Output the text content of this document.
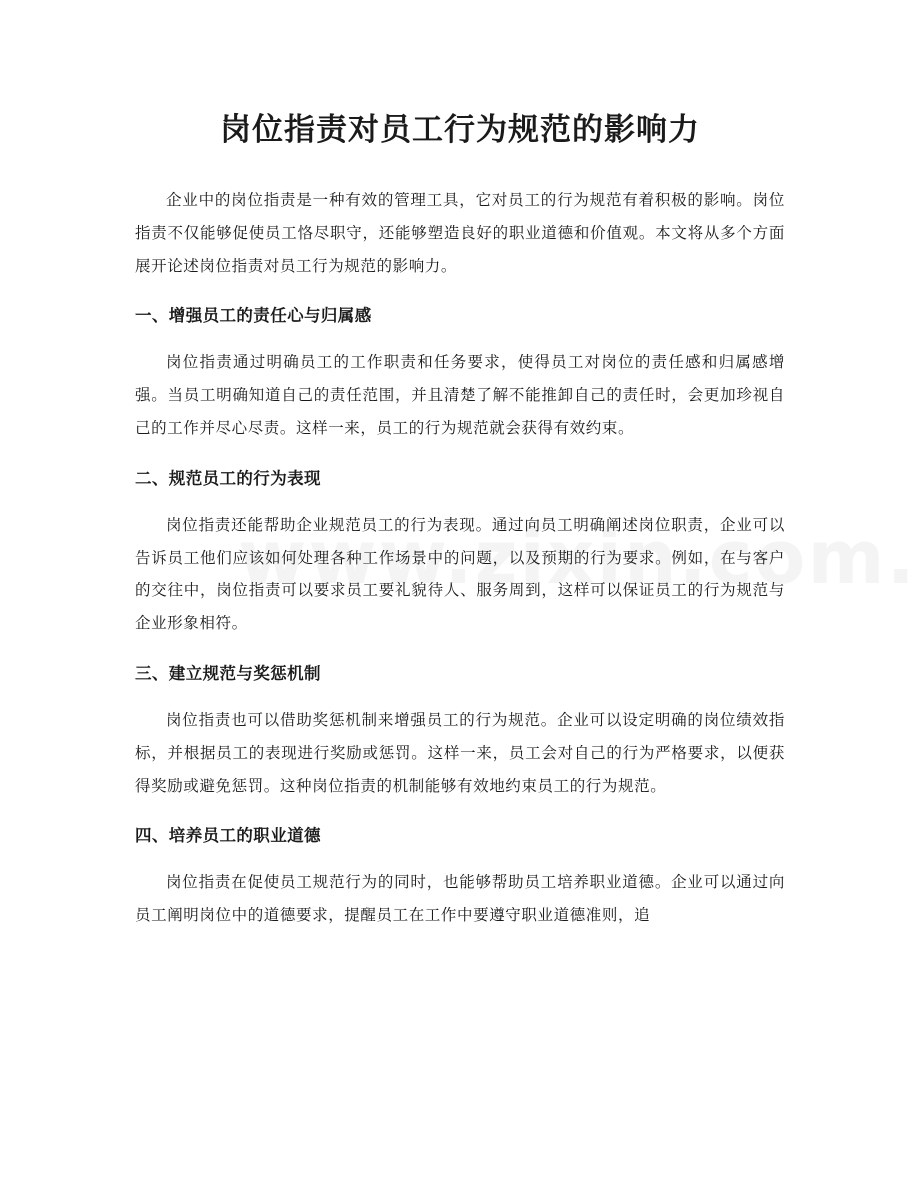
岗位指责对员工行为规范的影响力

企业中的岗位指责是一种有效的管理工具，它对员工的行为规范有着积极的影响。岗位指责不仅能够促使员工恪尽职守，还能够塑造良好的职业道德和价值观。本文将从多个方面展开论述岗位指责对员工行为规范的影响力。

一、增强员工的责任心与归属感

岗位指责通过明确员工的工作职责和任务要求，使得员工对岗位的责任感和归属感增强。当员工明确知道自己的责任范围，并且清楚了解不能推卸自己的责任时，会更加珍视自己的工作并尽心尽责。这样一来，员工的行为规范就会获得有效约束。

二、规范员工的行为表现

岗位指责还能帮助企业规范员工的行为表现。通过向员工明确阐述岗位职责，企业可以告诉员工他们应该如何处理各种工作场景中的问题，以及预期的行为要求。例如，在与客户的交往中，岗位指责可以要求员工要礼貌待人、服务周到，这样可以保证员工的行为规范与企业形象相符。

三、建立规范与奖惩机制

岗位指责也可以借助奖惩机制来增强员工的行为规范。企业可以设定明确的岗位绩效指标，并根据员工的表现进行奖励或惩罚。这样一来，员工会对自己的行为严格要求，以便获得奖励或避免惩罚。这种岗位指责的机制能够有效地约束员工的行为规范。

四、培养员工的职业道德

岗位指责在促使员工规范行为的同时，也能够帮助员工培养职业道德。企业可以通过向员工阐明岗位中的道德要求，提醒员工在工作中要遵守职业道德准则，追
